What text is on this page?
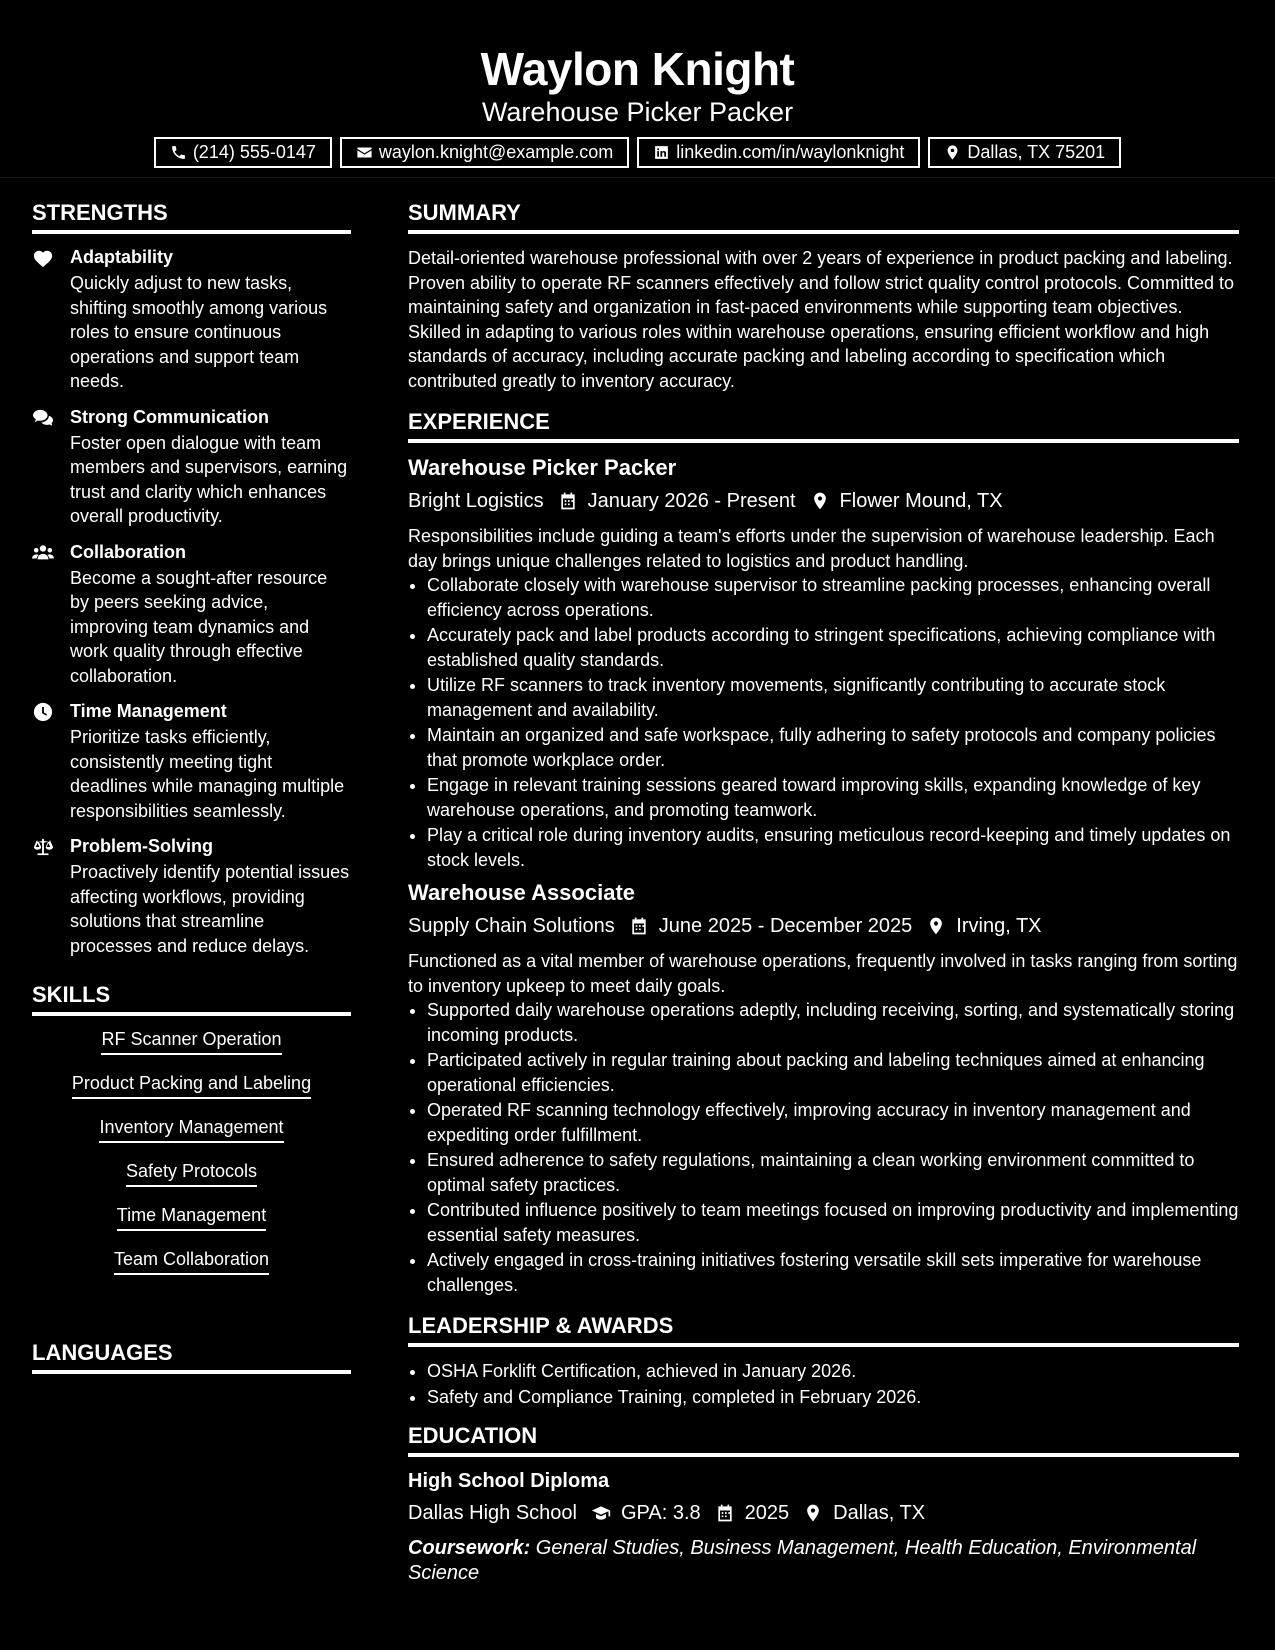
Waylon Knight
Warehouse Picker Packer
(214) 555-0147	waylon.knight@example.com	linkedin.com/in/waylonknight	Dallas, TX 75201
STRENGTHS
Adaptability
Quickly adjust to new tasks, shifting smoothly among various roles to ensure continuous operations and support team needs.
Strong Communication
Foster open dialogue with team members and supervisors, earning trust and clarity which enhances overall productivity.
Collaboration
Become a sought-after resource by peers seeking advice, improving team dynamics and work quality through effective collaboration.
Time Management
Prioritize tasks efficiently, consistently meeting tight deadlines while managing multiple responsibilities seamlessly.
Problem-Solving
Proactively identify potential issues affecting workflows, providing solutions that streamline processes and reduce delays.
SKILLS
RF Scanner Operation
Product Packing and Labeling
Inventory Management
Safety Protocols
Time Management
Team Collaboration
LANGUAGES
SUMMARY
Detail-oriented warehouse professional with over 2 years of experience in product packing and labeling. Proven ability to operate RF scanners effectively and follow strict quality control protocols. Committed to maintaining safety and organization in fast-paced environments while supporting team objectives. Skilled in adapting to various roles within warehouse operations, ensuring efficient workflow and high standards of accuracy, including accurate packing and labeling according to specification which contributed greatly to inventory accuracy.
EXPERIENCE
Warehouse Picker Packer
Bright Logistics January 2026 - Present Flower Mound, TX
Responsibilities include guiding a team's efforts under the supervision of warehouse leadership. Each day brings unique challenges related to logistics and product handling.
• Collaborate closely with warehouse supervisor to streamline packing processes, enhancing overall efficiency across operations.
• Accurately pack and label products according to stringent specifications, achieving compliance with established quality standards.
• Utilize RF scanners to track inventory movements, significantly contributing to accurate stock management and availability.
• Maintain an organized and safe workspace, fully adhering to safety protocols and company policies that promote workplace order.
• Engage in relevant training sessions geared toward improving skills, expanding knowledge of key warehouse operations, and promoting teamwork.
• Play a critical role during inventory audits, ensuring meticulous record-keeping and timely updates on stock levels.
Warehouse Associate
Supply Chain Solutions June 2025 - December 2025 Irving, TX
Functioned as a vital member of warehouse operations, frequently involved in tasks ranging from sorting to inventory upkeep to meet daily goals.
• Supported daily warehouse operations adeptly, including receiving, sorting, and systematically storing incoming products.
• Participated actively in regular training about packing and labeling techniques aimed at enhancing operational efficiencies.
• Operated RF scanning technology effectively, improving accuracy in inventory management and expediting order fulfillment.
• Ensured adherence to safety regulations, maintaining a clean working environment committed to optimal safety practices.
• Contributed influence positively to team meetings focused on improving productivity and implementing essential safety measures.
• Actively engaged in cross-training initiatives fostering versatile skill sets imperative for warehouse challenges.
LEADERSHIP & AWARDS
• OSHA Forklift Certification, achieved in January 2026.
• Safety and Compliance Training, completed in February 2026.
EDUCATION
High School Diploma
Dallas High School GPA: 3.8 2025 Dallas, TX
Coursework: General Studies, Business Management, Health Education, Environmental Science
